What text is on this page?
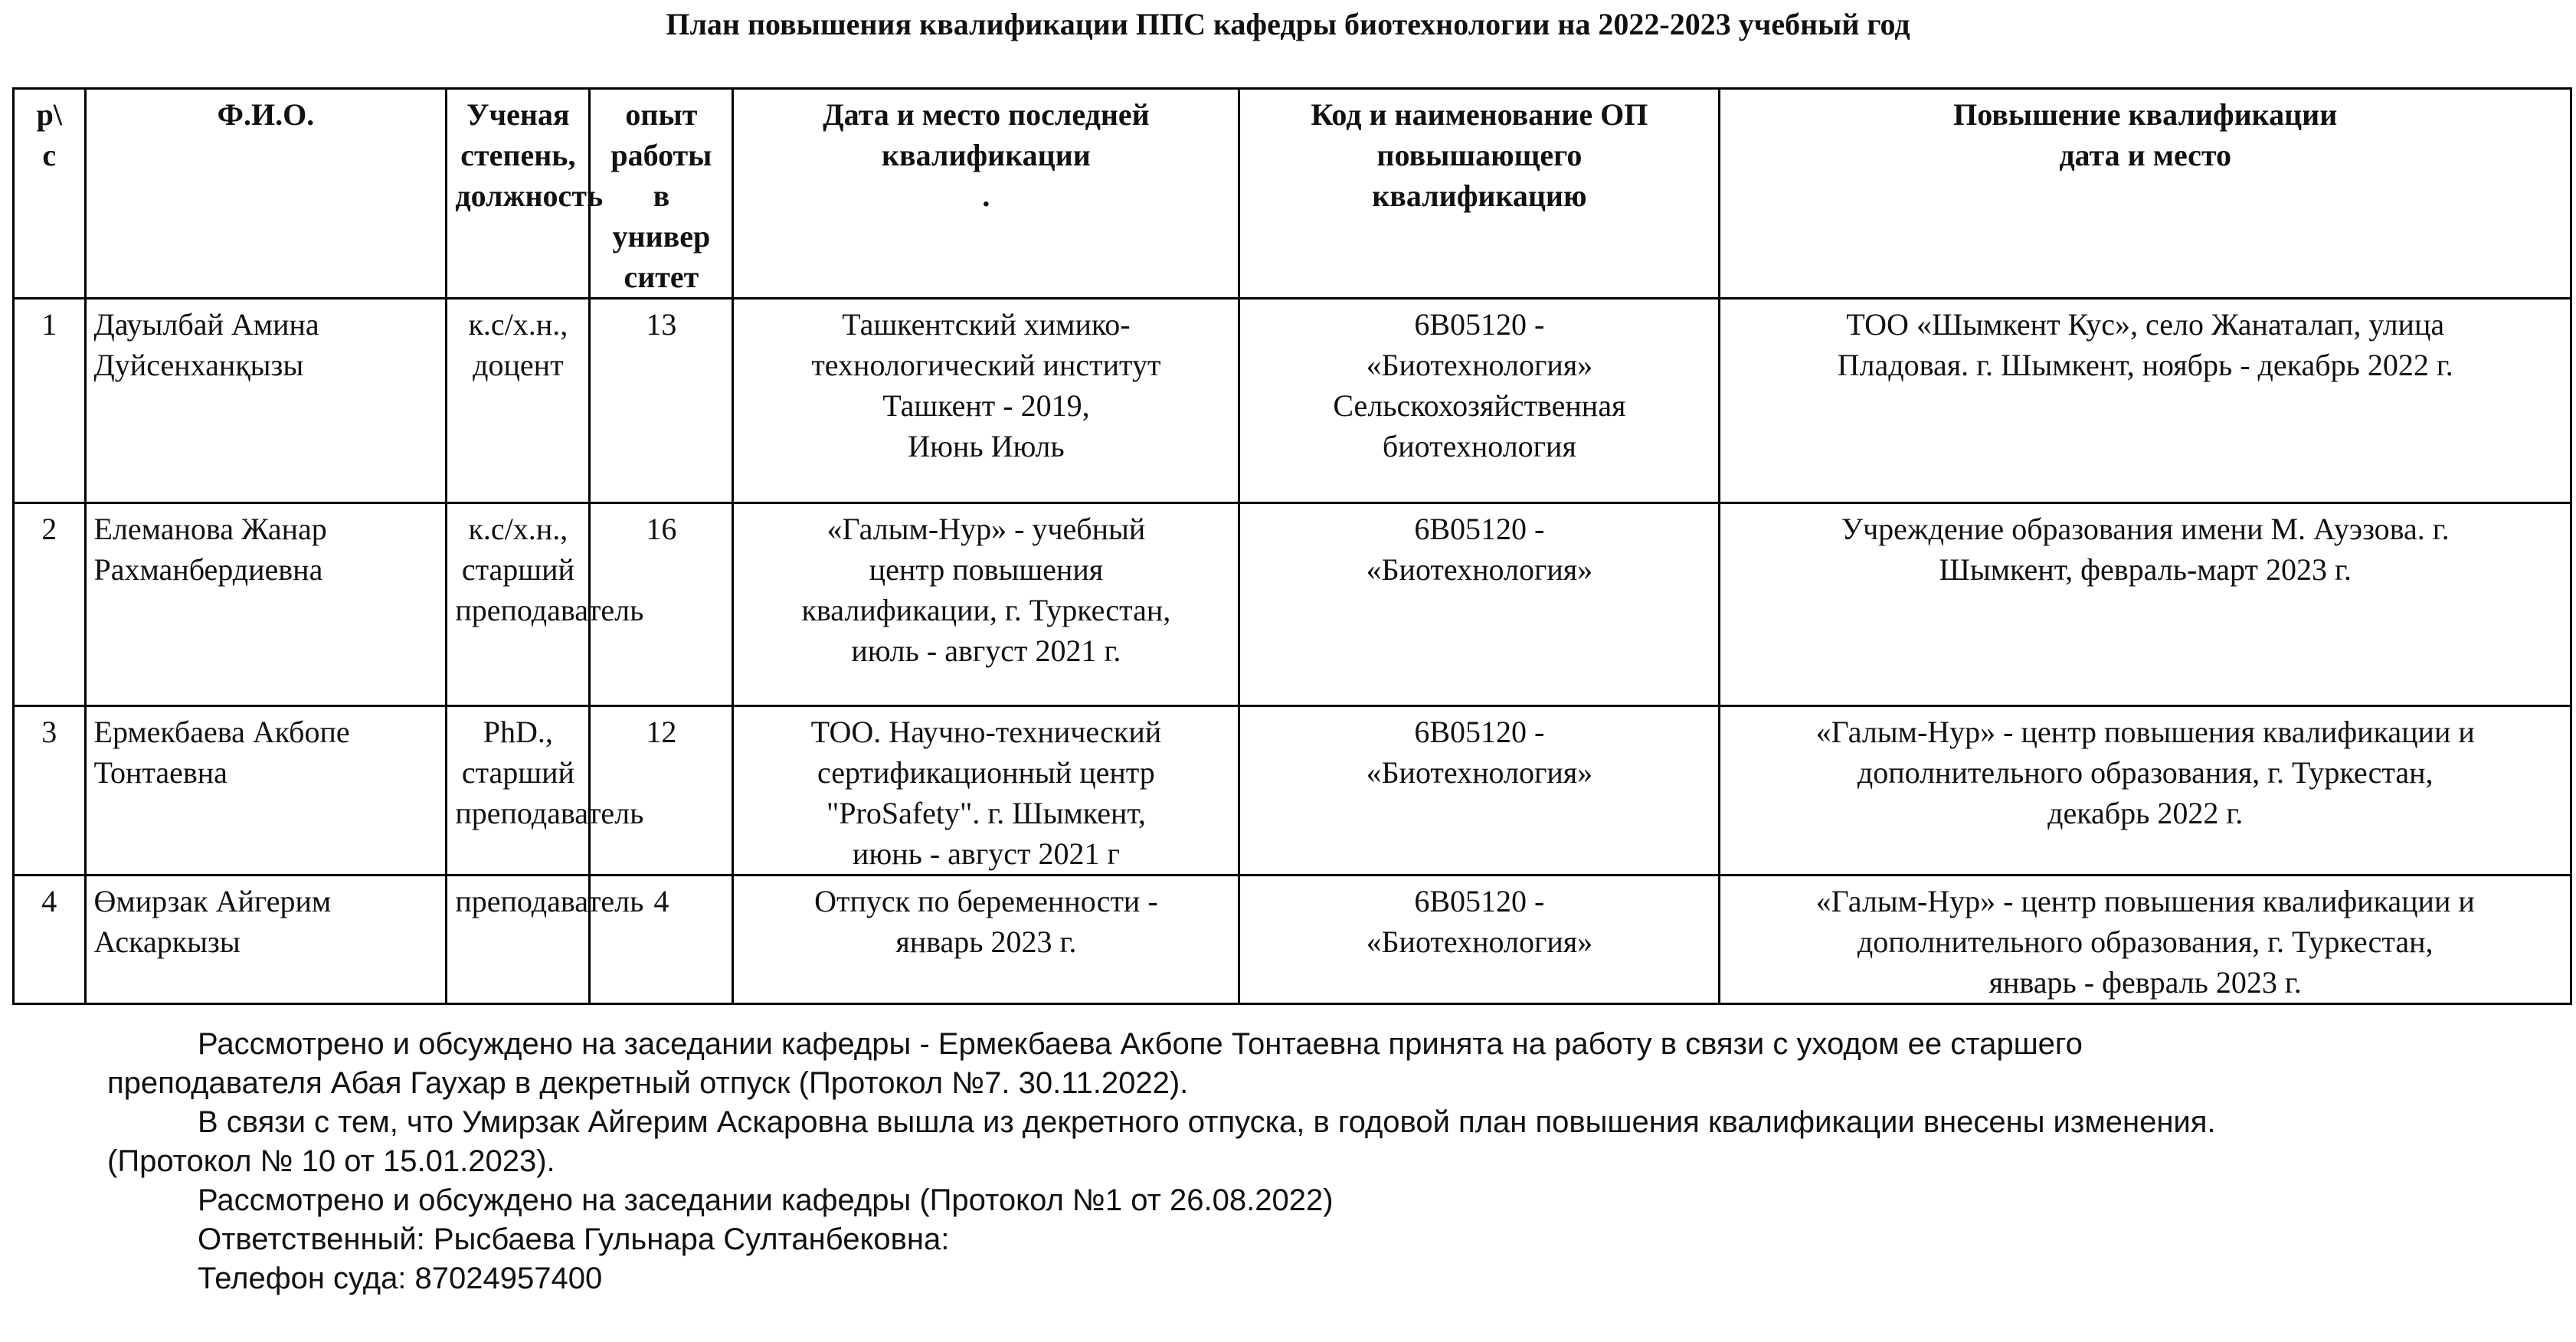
План повышения квалификации ППС кафедры биотехнологии на 2022-2023 учебный год
р\
с	Ф.И.О.	Ученая
степень,
должность	опыт
работы
в
универ
ситет	Дата и место последней
квалификации
.	Код и наименование ОП
повышающего
квалификацию	Повышение квалификации
дата и место
1	Дауылбай Амина
Дуйсенханқызы	к.с/х.н.,
доцент	13	Ташкентский химико-
технологический институт
Ташкент - 2019,
Июнь Июль	6В05120 -
«Биотехнология»
Сельскохозяйственная
биотехнология	ТОО «Шымкент Кус», село Жанаталап, улица
Пладовая. г. Шымкент, ноябрь - декабрь 2022 г.
2	Елеманова Жанар
Рахманбердиевна	к.с/х.н.,
старший
преподаватель	16	«Галым-Нур» - учебный
центр повышения
квалификации, г. Туркестан,
июль - август 2021 г.	6В05120 -
«Биотехнология»	Учреждение образования имени М. Ауэзова. г.
Шымкент, февраль-март 2023 г.
3	Ермекбаева Акбопе
Тонтаевна	PhD., старший
преподаватель	12	ТОО. Научно-технический
сертификационный центр
"ProSafety". г. Шымкент,
июнь - август 2021 г	6В05120 -
«Биотехнология»	«Галым-Нур» - центр повышения квалификации и
дополнительного образования, г. Туркестан,
декабрь 2022 г.
4	Өмирзак Айгерим
Аскаркызы	преподаватель	4	Отпуск по беременности -
январь 2023 г.	6В05120 -
«Биотехнология»	«Галым-Нур» - центр повышения квалификации и
дополнительного образования, г. Туркестан,
январь - февраль 2023 г.
Рассмотрено и обсуждено на заседании кафедры - Ермекбаева Акбопе Тонтаевна принята на работу в связи с уходом ее старшего
преподавателя Абая Гаухар в декретный отпуск (Протокол №7. 30.11.2022).
В связи с тем, что Умирзак Айгерим Аскаровна вышла из декретного отпуска, в годовой план повышения квалификации внесены изменения.
(Протокол № 10 от 15.01.2023).
Рассмотрено и обсуждено на заседании кафедры (Протокол №1 от 26.08.2022)
Ответственный: Рысбаева Гульнара Султанбековна:
Телефон суда: 87024957400
